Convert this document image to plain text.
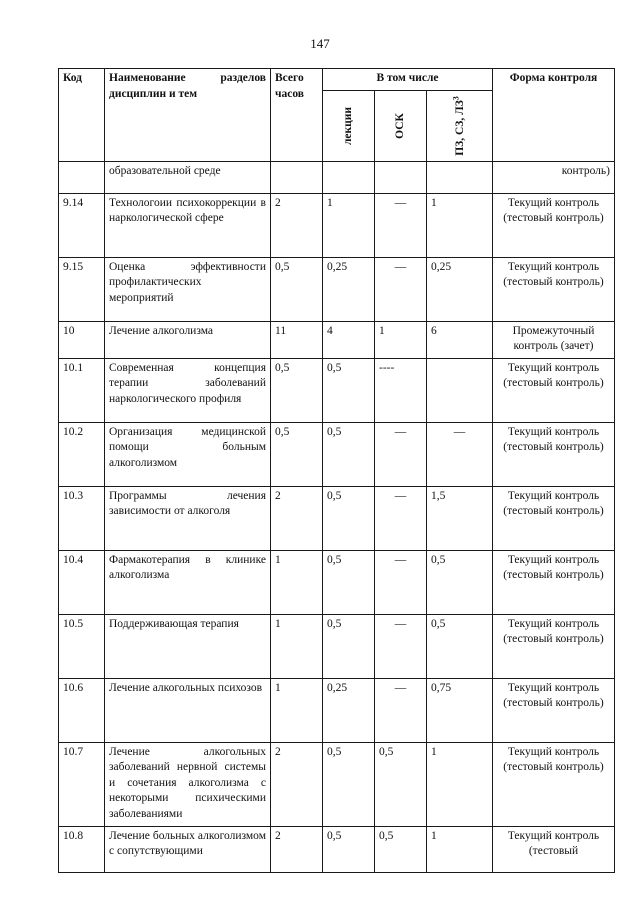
147
Код	Наименование разделов дисциплин и тем	Всего часов	В том числе			Форма контроля

			лекции	ОСК	ПЗ, СЗ, $ЛЗ^3$

	образовательной среде					контроль)
9.14	Технологоии психокоррекции в наркологической сфере	2	1	—	1	Текущий контроль (тестовый контроль)
9.15	Оценка эффективности профилактических мероприятий	0,5	0,25	—	0,25	Текущий контроль (тестовый контроль)
10	Лечение алкоголизма	11	4	1	6	Промежуточный контроль (зачет)
10.1	Современная концепция терапии заболеваний наркологического профиля	0,5	0,5	----		Текущий контроль (тестовый контроль)
10.2	Организация медицинской помощи больным алкоголизмом	0,5	0,5	—	—	Текущий контроль (тестовый контроль)
10.3	Программы лечения зависимости от алкоголя	2	0,5	—	1,5	Текущий контроль (тестовый контроль)
10.4	Фармакотерапия в клинике алкоголизма	1	0,5	—	0,5	Текущий контроль (тестовый контроль)
10.5	Поддерживающая терапия	1	0,5	—	0,5	Текущий контроль (тестовый контроль)
10.6	Лечение алкогольных психозов	1	0,25	—	0,75	Текущий контроль (тестовый контроль)
10.7	Лечение алкогольных заболеваний нервной системы и сочетания алкоголизма с некоторыми психическими заболеваниями	2	0,5	0,5	1	Текущий контроль (тестовый контроль)
10.8	Лечение больных алкоголизмом с сопутствующими	2	0,5	0,5	1	Текущий контроль (тестовый
